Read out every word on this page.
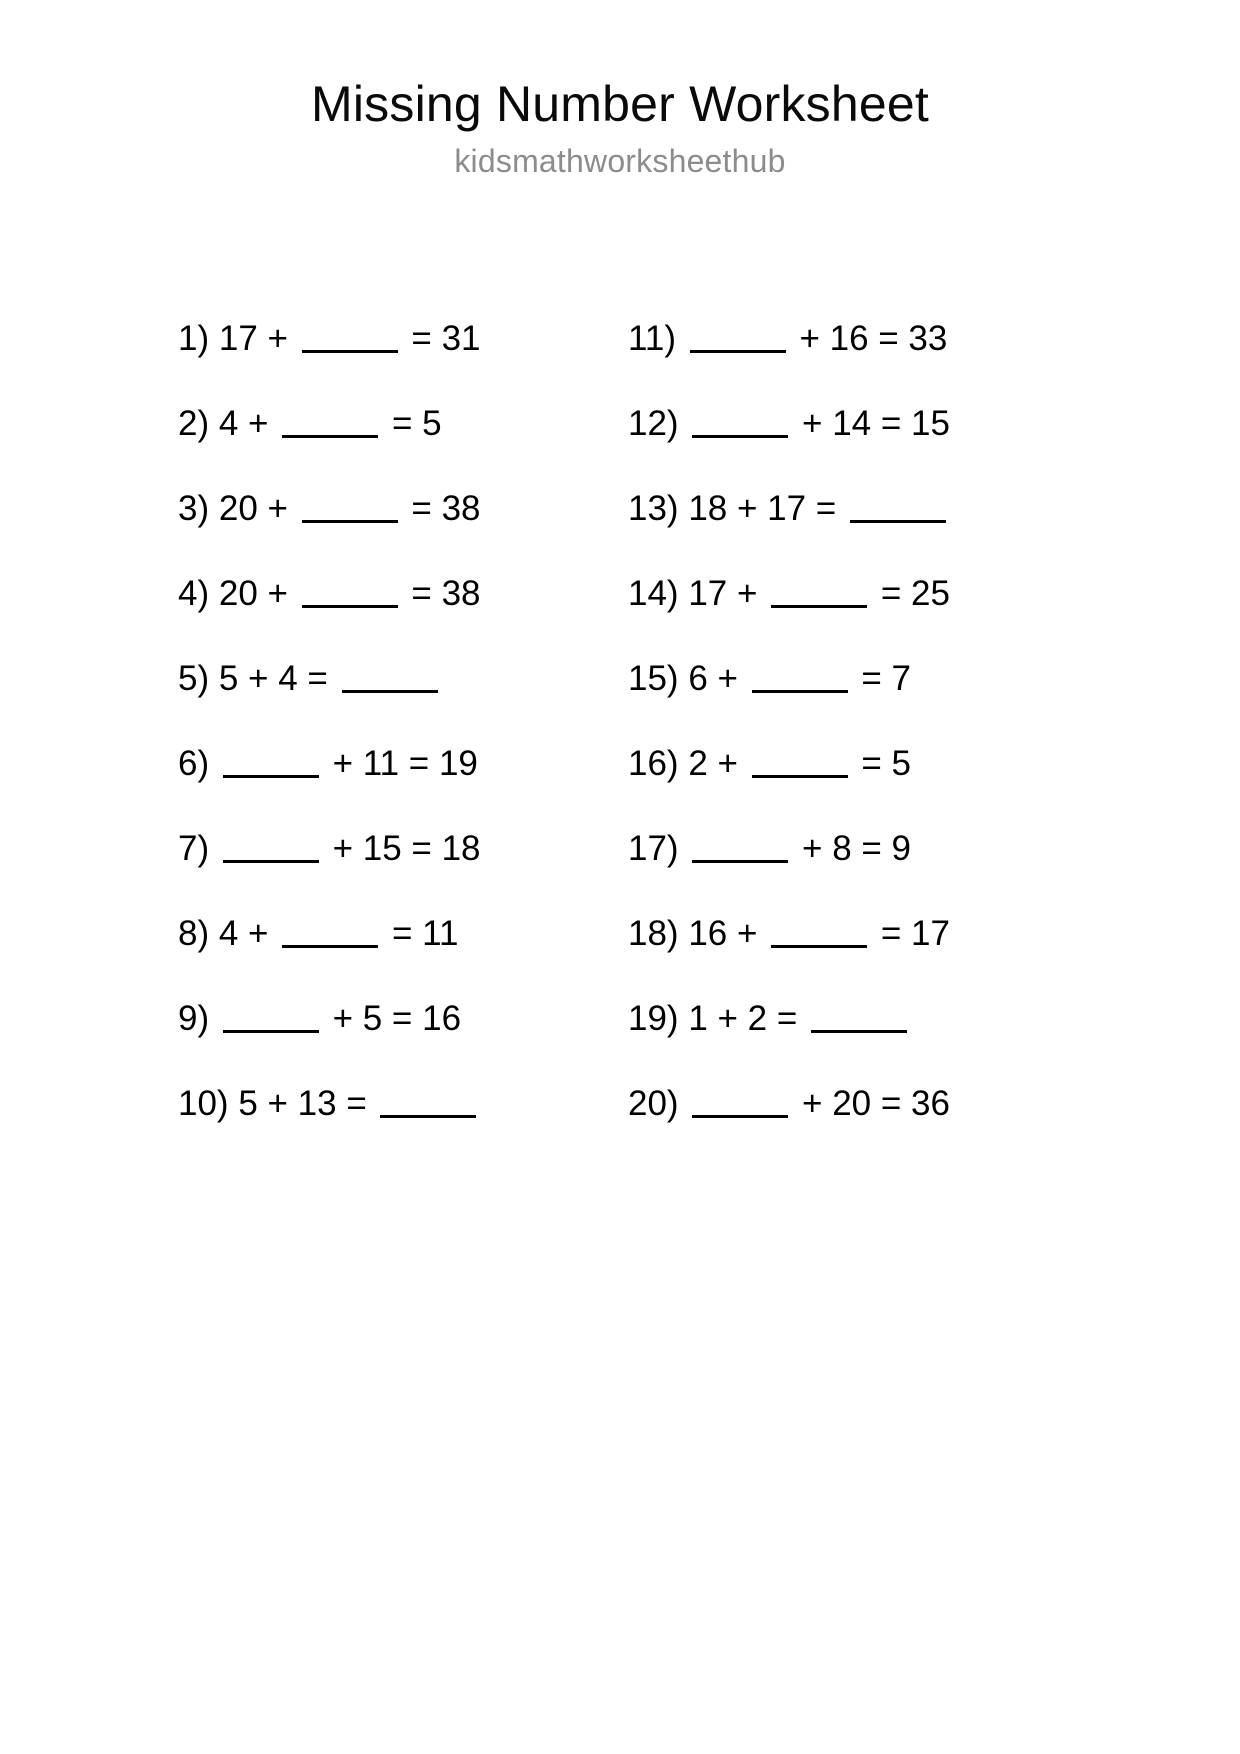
Missing Number Worksheet
kidsmathworksheethub
1) 17 +	= 31
2) 4 +	= 5
3) 20 +	= 38
4) 20 +	= 38
5) 5 + 4 =
6)	+ 11 = 19
7)	+ 15 = 18
8) 4 +	= 11
9)	+ 5 = 16
10) 5 + 13 =
11)	+ 16 = 33
12)	+ 14 = 15
13) 18 + 17 =
14) 17 +	= 25
15) 6 +	= 7
16) 2 +	= 5
17)	+ 8 = 9
18) 16 +	= 17
19) 1 + 2 =
20)	+ 20 = 36
